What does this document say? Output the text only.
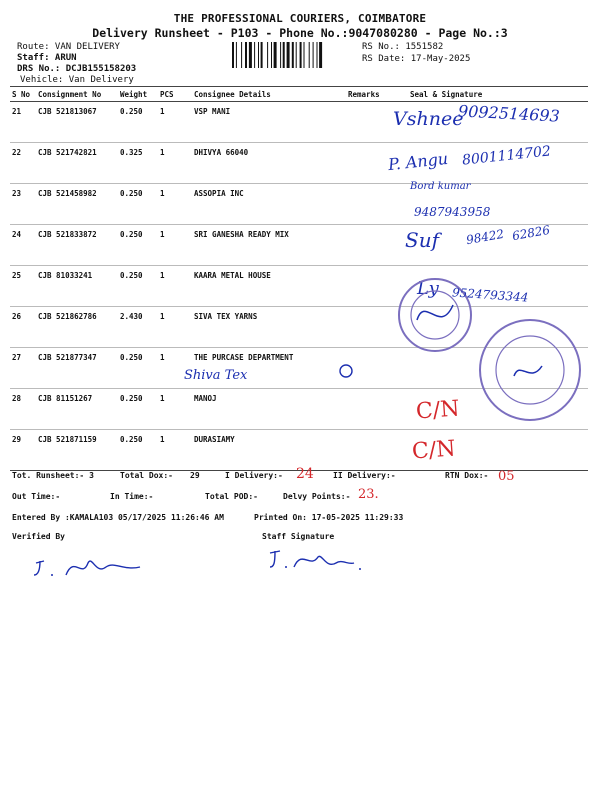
THE PROFESSIONAL COURIERS, COIMBATORE
Delivery Runsheet - P103 - Phone No.:9047080280 - Page No.:3
Route: VAN DELIVERY
Staff: ARUN
DRS No.: DCJB155158203
Vehicle: Van Delivery
RS No.: 1551582
RS Date: 17-May-2025
S No	Consignment No	Weight	PCS	Consignee Details	Remarks	Seal & Signature
21	CJB 521813067	0.250	1	VSP MANI		
22	CJB 521742821	0.325	1	DHIVYA 66040		
23	CJB 521458982	0.250	1	ASSOPIA INC		
24	CJB 521833872	0.250	1	SRI GANESHA READY MIX		
25	CJB 81033241	0.250	1	KAARA METAL HOUSE		
26	CJB 521862786	2.430	1	SIVA TEX YARNS		
27	CJB 521877347	0.250	1	THE PURCASE DEPARTMENT		
28	CJB 81151267	0.250	1	MANOJ		
29	CJB 521871159	0.250	1	DURASIAMY		
Vshnee
9092514693
P. Angu 8001114702
Bord kumar
9487943958
Suf 98422 62826
Ly 9524793344
Shiva Tex
C/N
C/N
Tot. Runsheet:- 3	Total Dox:- 29	I Delivery:- 24 II Delivery:-	RTN Dox:- 05
Out Time:-	In Time:-	Total POD:-	Delvy Points:- 23.
Entered By :KAMALA103 05/17/2025 11:26:46 AM	Printed On: 17-05-2025 11:29:33
Verified By	Staff Signature
